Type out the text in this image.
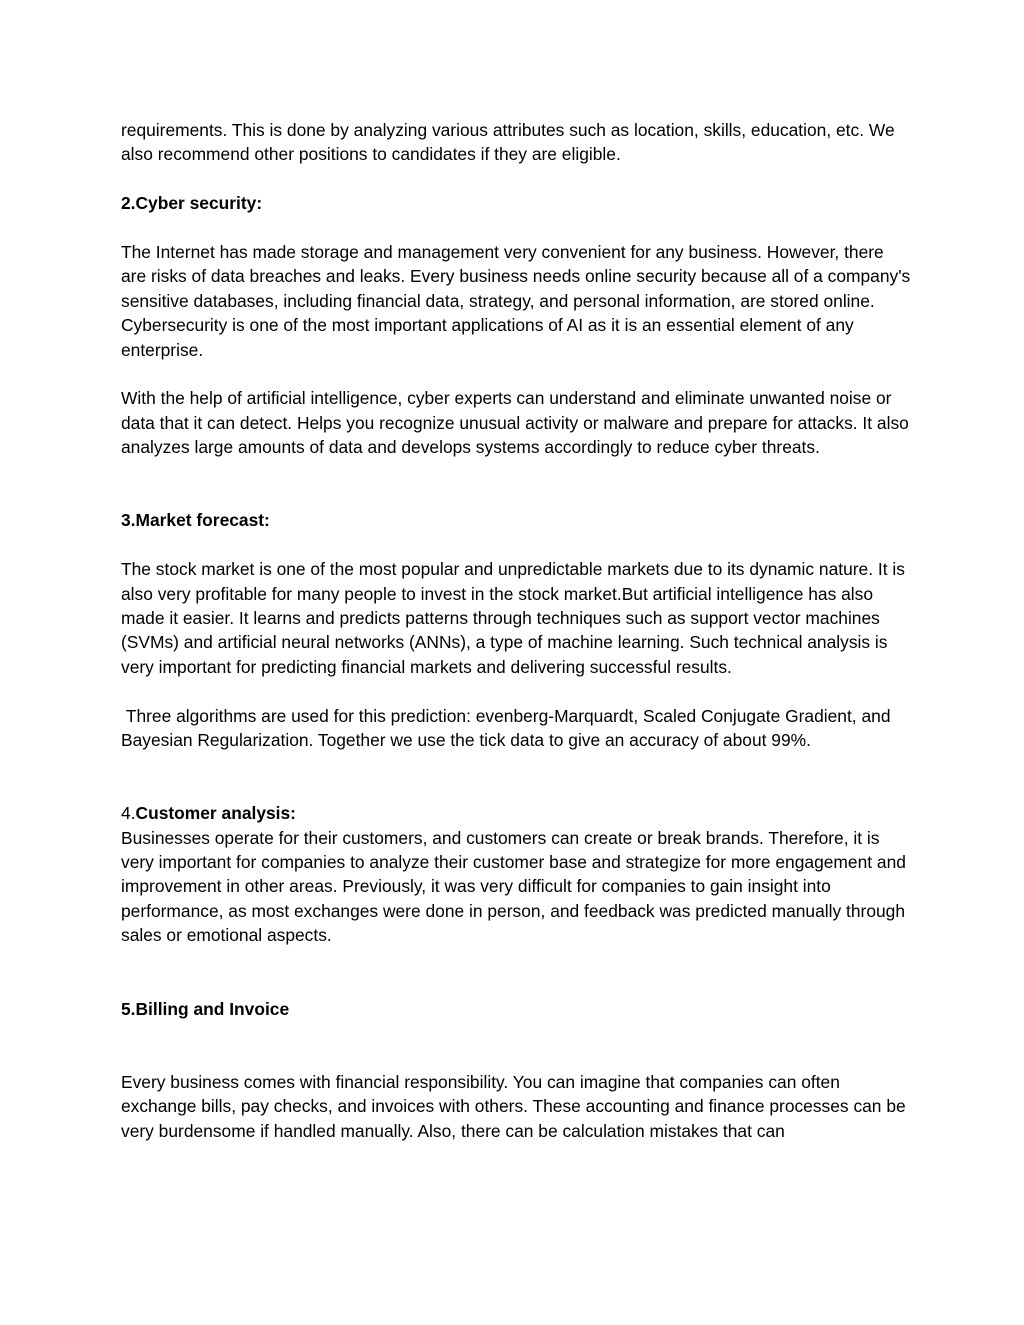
requirements. This is done by analyzing various attributes such as location, skills, education, etc. We also recommend other positions to candidates if they are eligible.

2.Cyber security:

The Internet has made storage and management very convenient for any business. However, there are risks of data breaches and leaks. Every business needs online security because all of a company's sensitive databases, including financial data, strategy, and personal information, are stored online. Cybersecurity is one of the most important applications of AI as it is an essential element of any enterprise.

With the help of artificial intelligence, cyber experts can understand and eliminate unwanted noise or data that it can detect. Helps you recognize unusual activity or malware and prepare for attacks. It also analyzes large amounts of data and develops systems accordingly to reduce cyber threats.

3.Market forecast:

The stock market is one of the most popular and unpredictable markets due to its dynamic nature. It is also very profitable for many people to invest in the stock market.But artificial intelligence has also made it easier. It learns and predicts patterns through techniques such as support vector machines (SVMs) and artificial neural networks (ANNs), a type of machine learning. Such technical analysis is very important for predicting financial markets and delivering successful results.

Three algorithms are used for this prediction: evenberg-Marquardt, Scaled Conjugate Gradient, and Bayesian Regularization. Together we use the tick data to give an accuracy of about 99%.

4.Customer analysis:

Businesses operate for their customers, and customers can create or break brands. Therefore, it is very important for companies to analyze their customer base and strategize for more engagement and improvement in other areas. Previously, it was very difficult for companies to gain insight into performance, as most exchanges were done in person, and feedback was predicted manually through sales or emotional aspects.

5.Billing and Invoice

Every business comes with financial responsibility. You can imagine that companies can often exchange bills, pay checks, and invoices with others. These accounting and finance processes can be very burdensome if handled manually. Also, there can be calculation mistakes that can
